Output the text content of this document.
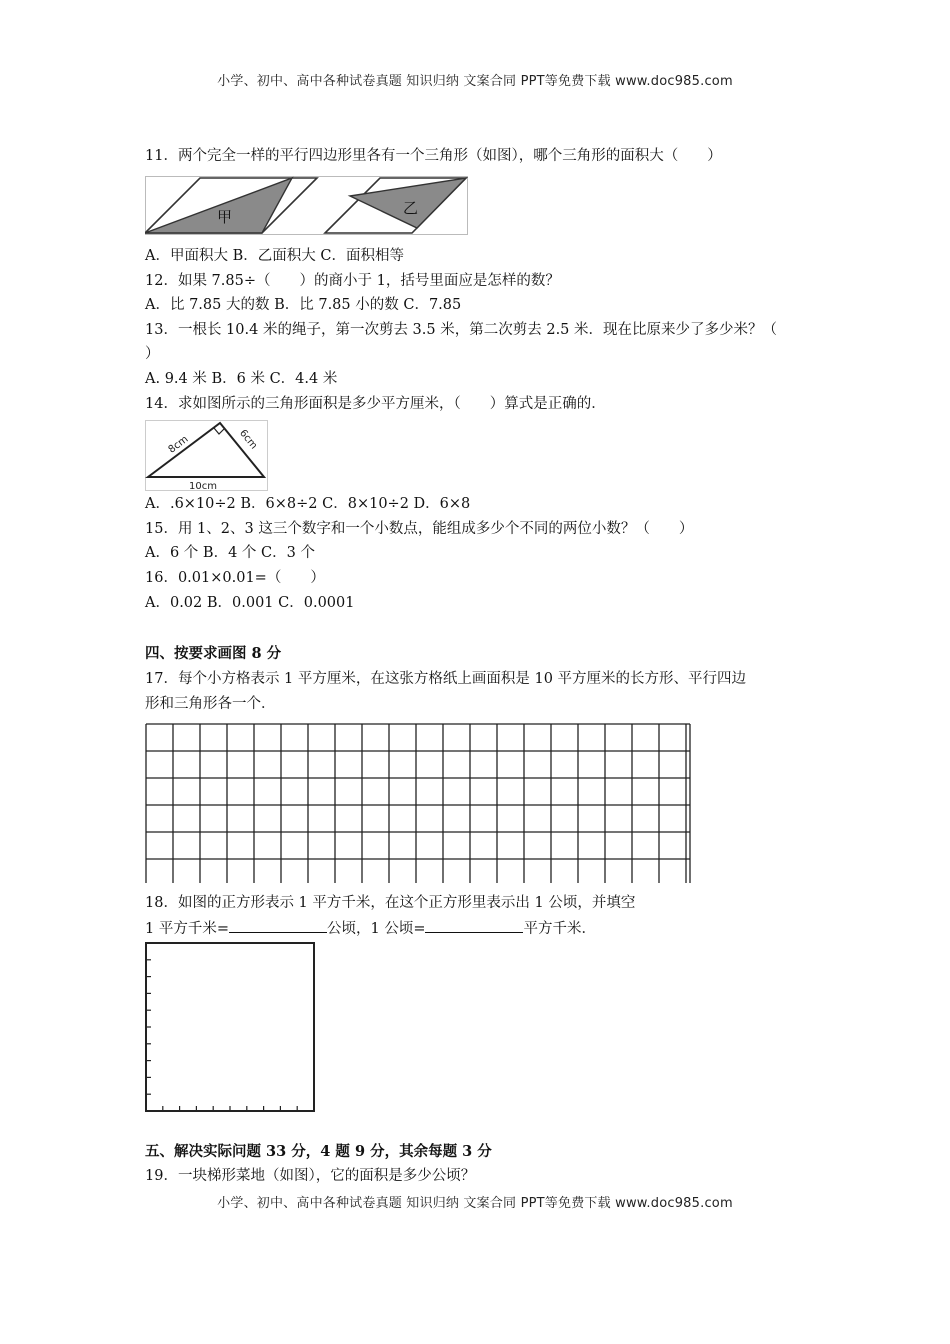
小学、初中、高中各种试卷真题 知识归纳 文案合同 PPT等免费下载 www.doc985.com
11．两个完全一样的平行四边形里各有一个三角形（如图），哪个三角形的面积大（　　）
甲	乙
A．甲面积大 B．乙面积大 C．面积相等
12．如果 7.85÷（　　）的商小于 1，括号里面应是怎样的数？
A．比 7.85 大的数 B．比 7.85 小的数 C．7.85
13．一根长 10.4 米的绳子，第一次剪去 3.5 米，第二次剪去 2.5 米．现在比原来少了多少米？（
）
A. 9.4 米 B．6 米 C．4.4 米
14．求如图所示的三角形面积是多少平方厘米，（　　）算式是正确的．
8cm	6cm
10cm
A．.6×10÷2 B．6×8÷2 C．8×10÷2 D．6×8
15．用 1、2、3 这三个数字和一个小数点，能组成多少个不同的两位小数？（　　）
A．6 个 B．4 个 C．3 个
16．0.01×0.01=（　　）
A．0.02 B．0.001 C．0.0001
四、按要求画图 8 分
17．每个小方格表示 1 平方厘米，在这张方格纸上画面积是 10 平方厘米的长方形、平行四边
形和三角形各一个．
18．如图的正方形表示 1 平方千米，在这个正方形里表示出 1 公顷，并填空
1 平方千米=	公顷，1 公顷=	平方千米．
五、解决实际问题 33 分，4 题 9 分，其余每题 3 分
19．一块梯形菜地（如图），它的面积是多少公顷？
小学、初中、高中各种试卷真题 知识归纳 文案合同 PPT等免费下载 www.doc985.com
